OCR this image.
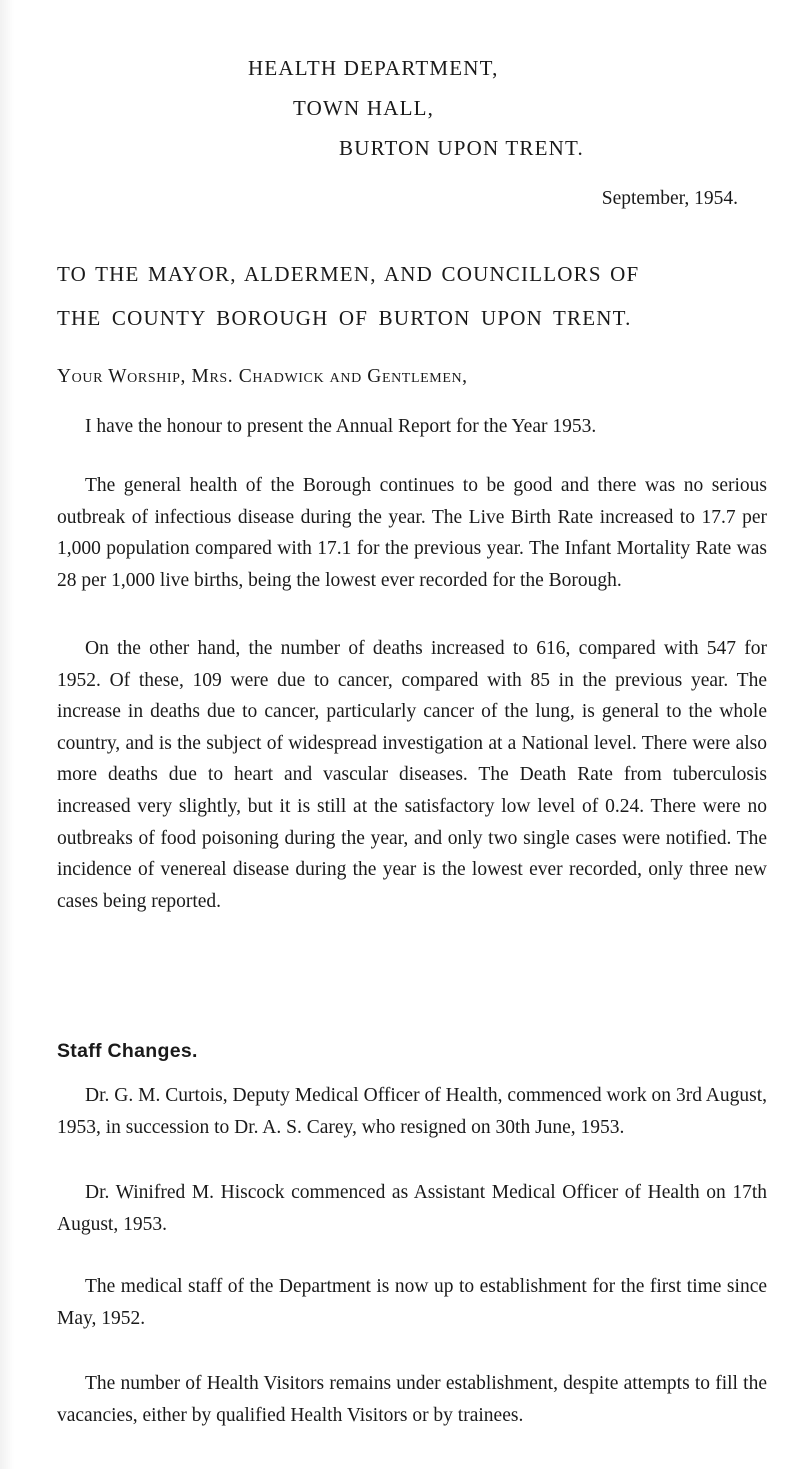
HEALTH DEPARTMENT,
TOWN HALL,
BURTON UPON TRENT.
September, 1954.
TO THE MAYOR, ALDERMEN, AND COUNCILLORS OF
THE COUNTY BOROUGH OF BURTON UPON TRENT.
Your Worship, Mrs. Chadwick and Gentlemen,
I have the honour to present the Annual Report for the Year 1953.
The general health of the Borough continues to be good and there was no serious outbreak of infectious disease during the year. The Live Birth Rate increased to 17.7 per 1,000 population compared with 17.1 for the previous year. The Infant Mortality Rate was 28 per 1,000 live births, being the lowest ever recorded for the Borough.
On the other hand, the number of deaths increased to 616, compared with 547 for 1952. Of these, 109 were due to cancer, compared with 85 in the previous year. The increase in deaths due to cancer, particularly cancer of the lung, is general to the whole country, and is the subject of widespread investigation at a National level. There were also more deaths due to heart and vascular diseases. The Death Rate from tuberculosis increased very slightly, but it is still at the satisfactory low level of 0.24. There were no outbreaks of food poisoning during the year, and only two single cases were notified. The incidence of venereal disease during the year is the lowest ever recorded, only three new cases being reported.
Staff Changes.
Dr. G. M. Curtois, Deputy Medical Officer of Health, commenced work on 3rd August, 1953, in succession to Dr. A. S. Carey, who resigned on 30th June, 1953.
Dr. Winifred M. Hiscock commenced as Assistant Medical Officer of Health on 17th August, 1953.
The medical staff of the Department is now up to establishment for the first time since May, 1952.
The number of Health Visitors remains under establishment, despite attempts to fill the vacancies, either by qualified Health Visitors or by trainees.
